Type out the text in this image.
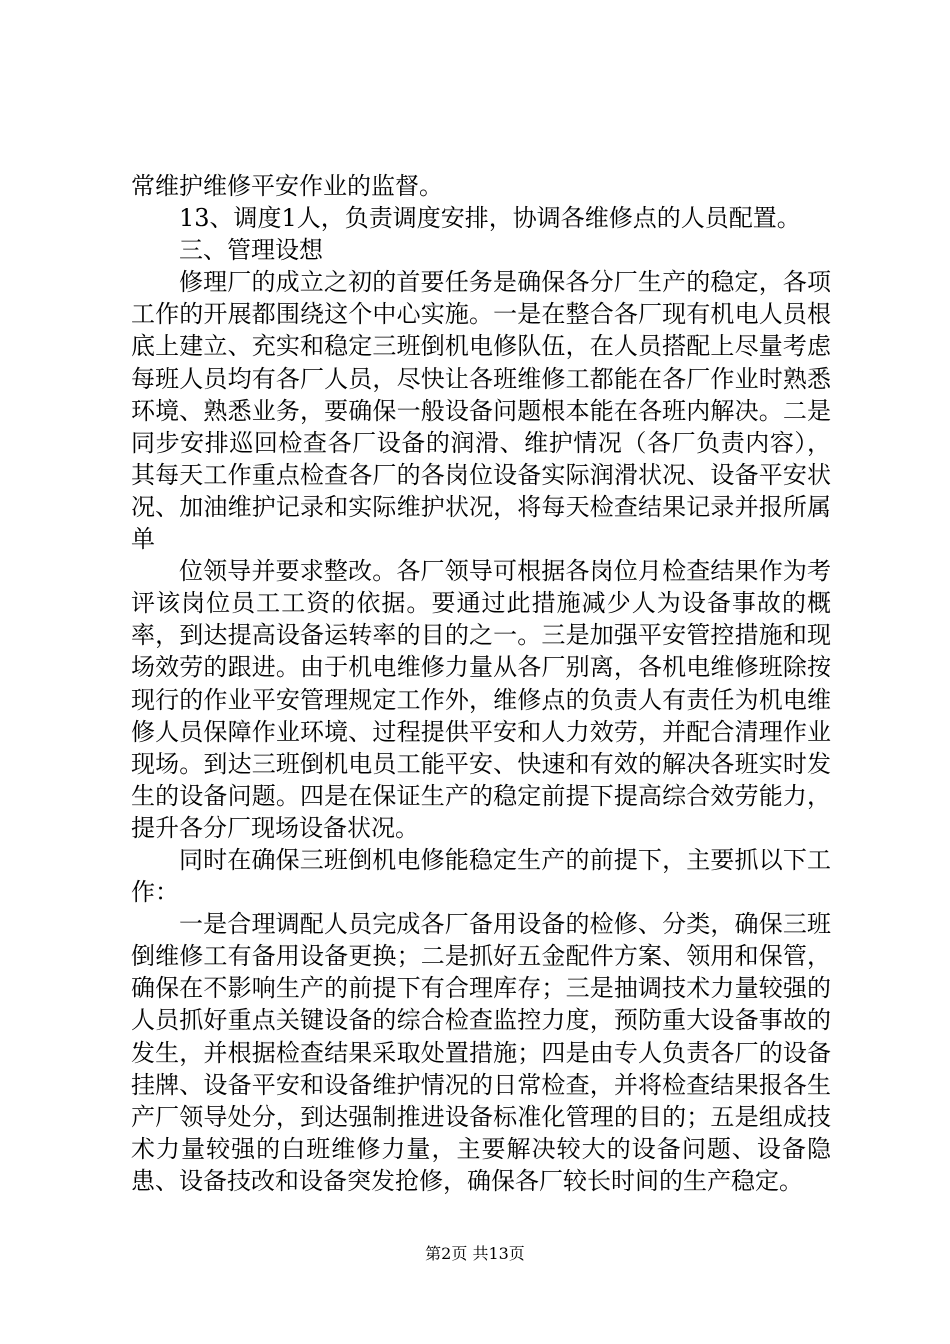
常维护维修平安作业的监督。

13、调度1人，负责调度安排，协调各维修点的人员配置。

三、管理设想

修理厂的成立之初的首要任务是确保各分厂生产的稳定，各项工作的开展都围绕这个中心实施。一是在整合各厂现有机电人员根底上建立、充实和稳定三班倒机电修队伍，在人员搭配上尽量考虑每班人员均有各厂人员，尽快让各班维修工都能在各厂作业时熟悉环境、熟悉业务，要确保一般设备问题根本能在各班内解决。二是同步安排巡回检查各厂设备的润滑、维护情况（各厂负责内容），其每天工作重点检查各厂的各岗位设备实际润滑状况、设备平安状况、加油维护记录和实际维护状况，将每天检查结果记录并报所属单

位领导并要求整改。各厂领导可根据各岗位月检查结果作为考评该岗位员工工资的依据。要通过此措施减少人为设备事故的概率，到达提高设备运转率的目的之一。三是加强平安管控措施和现场效劳的跟进。由于机电维修力量从各厂别离，各机电维修班除按现行的作业平安管理规定工作外，维修点的负责人有责任为机电维修人员保障作业环境、过程提供平安和人力效劳，并配合清理作业现场。到达三班倒机电员工能平安、快速和有效的解决各班实时发生的设备问题。四是在保证生产的稳定前提下提高综合效劳能力，提升各分厂现场设备状况。

同时在确保三班倒机电修能稳定生产的前提下，主要抓以下工作：

一是合理调配人员完成各厂备用设备的检修、分类，确保三班倒维修工有备用设备更换；二是抓好五金配件方案、领用和保管，确保在不影响生产的前提下有合理库存；三是抽调技术力量较强的人员抓好重点关键设备的综合检查监控力度，预防重大设备事故的发生，并根据检查结果采取处置措施；四是由专人负责各厂的设备挂牌、设备平安和设备维护情况的日常检查，并将检查结果报各生产厂领导处分，到达强制推进设备标准化管理的目的；五是组成技术力量较强的白班维修力量，主要解决较大的设备问题、设备隐患、设备技改和设备突发抢修，确保各厂较长时间的生产稳定。

第2页 共13页
